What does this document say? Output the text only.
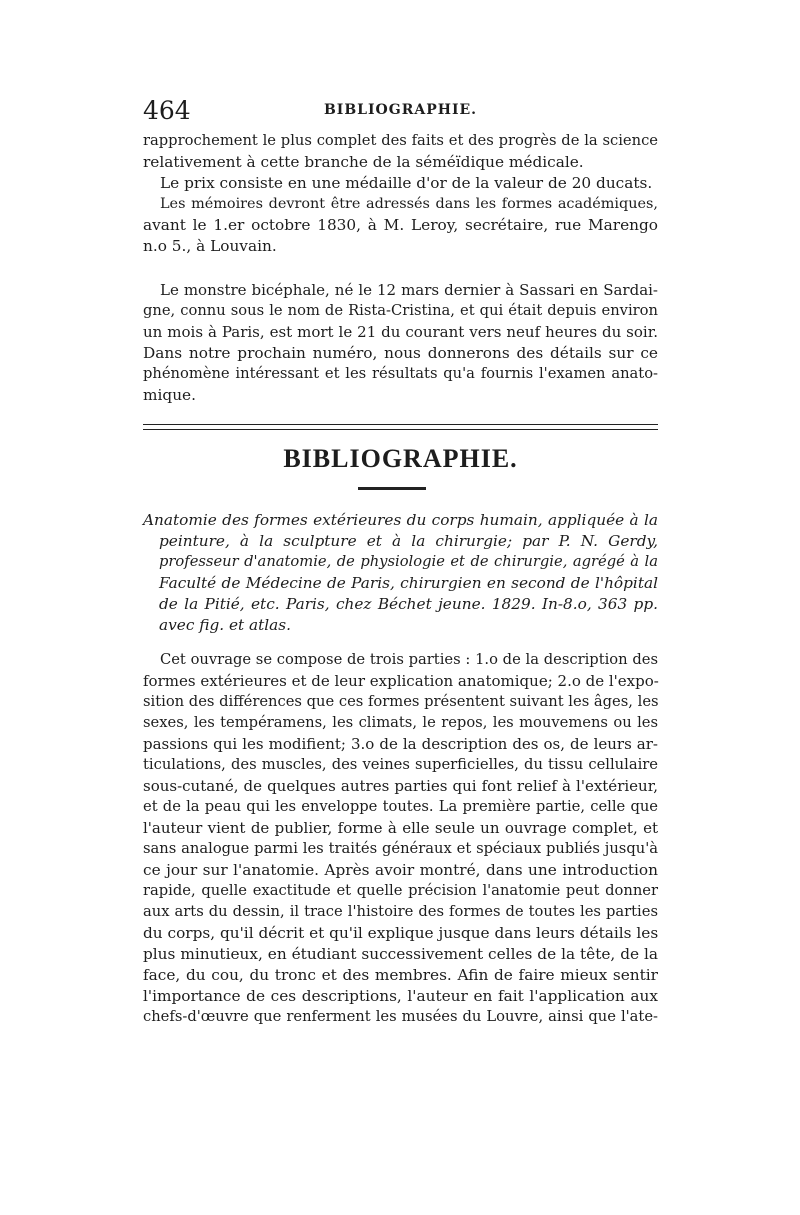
464	BIBLIOGRAPHIE.
rapprochement le plus complet des faits et des progrès de la science
relativement à cette branche de la séméïdique médicale.
Le prix consiste en une médaille d'or de la valeur de 20 ducats.
Les mémoires devront être adressés dans les formes académiques,
avant le 1.er octobre 1830, à M. Leroy, secrétaire, rue Marengo
n.o 5., à Louvain.
Le monstre bicéphale, né le 12 mars dernier à Sassari en Sardai-
gne, connu sous le nom de Rista-Cristina, et qui était depuis environ
un mois à Paris, est mort le 21 du courant vers neuf heures du soir.
Dans notre prochain numéro, nous donnerons des détails sur ce
phénomène intéressant et les résultats qu'a fournis l'examen anato-
mique.
BIBLIOGRAPHIE.
Anatomie des formes extérieures du corps humain, appliquée à la
peinture, à la sculpture et à la chirurgie; par P. N. Gerdy,
professeur d'anatomie, de physiologie et de chirurgie, agrégé à la
Faculté de Médecine de Paris, chirurgien en second de l'hôpital
de la Pitié, etc. Paris, chez Béchet jeune. 1829. In-8.o, 363 pp.
avec fig. et atlas.
Cet ouvrage se compose de trois parties : 1.o de la description des
formes extérieures et de leur explication anatomique; 2.o de l'expo-
sition des différences que ces formes présentent suivant les âges, les
sexes, les tempéramens, les climats, le repos, les mouvemens ou les
passions qui les modifient; 3.o de la description des os, de leurs ar-
ticulations, des muscles, des veines superficielles, du tissu cellulaire
sous-cutané, de quelques autres parties qui font relief à l'extérieur,
et de la peau qui les enveloppe toutes. La première partie, celle que
l'auteur vient de publier, forme à elle seule un ouvrage complet, et
sans analogue parmi les traités généraux et spéciaux publiés jusqu'à
ce jour sur l'anatomie. Après avoir montré, dans une introduction
rapide, quelle exactitude et quelle précision l'anatomie peut donner
aux arts du dessin, il trace l'histoire des formes de toutes les parties
du corps, qu'il décrit et qu'il explique jusque dans leurs détails les
plus minutieux, en étudiant successivement celles de la tête, de la
face, du cou, du tronc et des membres. Afin de faire mieux sentir
l'importance de ces descriptions, l'auteur en fait l'application aux
chefs-d'œuvre que renferment les musées du Louvre, ainsi que l'ate-
